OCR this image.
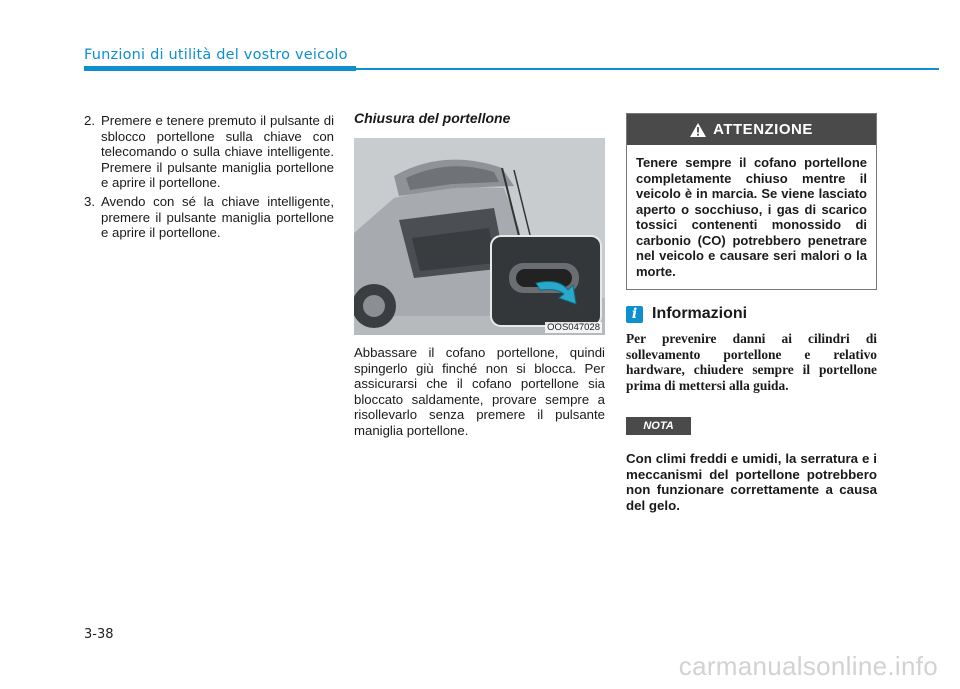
Funzioni di utilità del vostro veicolo
2. Premere e tenere premuto il pulsante di sblocco portellone sulla chiave con telecomando o sulla chiave intelligente. Premere il pulsante maniglia portellone e aprire il portellone.
3. Avendo con sé la chiave intelligente, premere il pulsante maniglia portellone e aprire il portellone.
Chiusura del portellone
OOS047028
Abbassare il cofano portellone, quindi spingerlo giù finché non si blocca. Per assicurarsi che il cofano portellone sia bloccato saldamente, provare sempre a risollevarlo senza premere il pulsante maniglia portellone.
ATTENZIONE
Tenere sempre il cofano portellone completamente chiuso mentre il veicolo è in marcia. Se viene lasciato aperto o socchiuso, i gas di scarico tossici contenenti monossido di carbonio (CO) potrebbero penetrare nel veicolo e causare seri malori o la morte.
i Informazioni
Per prevenire danni ai cilindri di sollevamento portellone e relativo hardware, chiudere sempre il portellone prima di mettersi alla guida.
NOTA
Con climi freddi e umidi, la serratura e i meccanismi del portellone potrebbero non funzionare correttamente a causa del gelo.
3-38
carmanualsonline.info
